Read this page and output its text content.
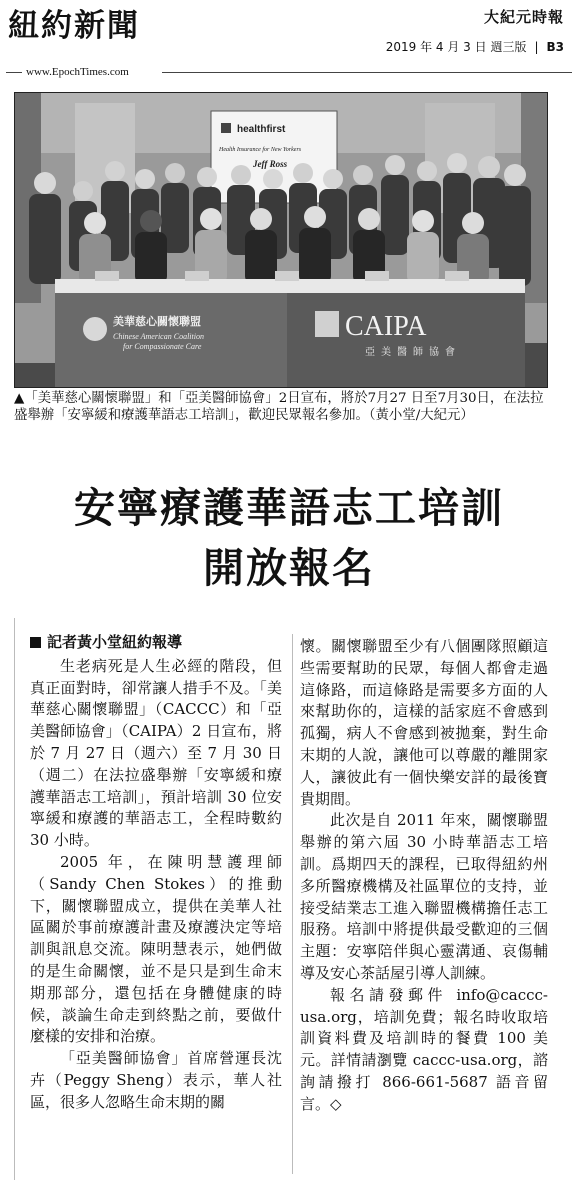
紐約新聞	大紀元時報
2019 年 4 月 3 日 週三版 | B3
www.EpochTimes.com
healthfirst
Health Insurance for New Yorkers
Jeff Ross
美華慈心關懷聯盟
Chinese American Coalition
for Compassionate Care
CAIPA
亞美醫師協會
▲「美華慈心關懷聯盟」和「亞美醫師協會」2日宣布，將於7月27 日至7月30日，在法拉盛舉辦「安寧緩和療護華語志工培訓」，歡迎民眾報名參加。（黃小堂/大紀元）
安寧療護華語志工培訓
開放報名

記者黃小堂紐約報導

生老病死是人生必經的階段，但真正面對時，卻常讓人措手不及。「美華慈心關懷聯盟」（CACCC）和「亞美醫師協會」（CAIPA）2 日宣布，將於 7 月 27 日（週六）至 7 月 30 日（週二）在法拉盛舉辦「安寧緩和療護華語志工培訓」，預計培訓 30 位安寧緩和療護的華語志工，全程時數約 30 小時。

2005 年，在陳明慧護理師（Sandy Chen Stokes）的推動下，關懷聯盟成立，提供在美華人社區關於事前療護計畫及療護決定等培訓與訊息交流。陳明慧表示，她們做的是生命關懷，並不是只是到生命末期那部分，還包括在身體健康的時候，談論生命走到終點之前，要做什麼樣的安排和治療。

「亞美醫師協會」首席營運長沈卉（Peggy Sheng）表示，華人社區，很多人忽略生命末期的關

懷。關懷聯盟至少有八個團隊照顧這些需要幫助的民眾，每個人都會走過這條路，而這條路是需要多方面的人來幫助你的，這樣的話家庭不會感到孤獨，病人不會感到被拋棄，對生命末期的人說，讓他可以尊嚴的離開家人，讓彼此有一個快樂安詳的最後寶貴期間。

此次是自 2011 年來，關懷聯盟舉辦的第六屆 30 小時華語志工培訓。爲期四天的課程，已取得紐約州多所醫療機構及社區單位的支持，並接受結業志工進入聯盟機構擔任志工服務。培訓中將提供最受歡迎的三個主題：安寧陪伴與心靈溝通、哀傷輔導及安心茶話屋引導人訓練。

報名請發郵件 info@caccc-usa.org，培訓免費；報名時收取培訓資料費及培訓時的餐費 100 美元。詳情請瀏覽 caccc-usa.org，諮詢請撥打 866-661-5687 語音留言。◇
